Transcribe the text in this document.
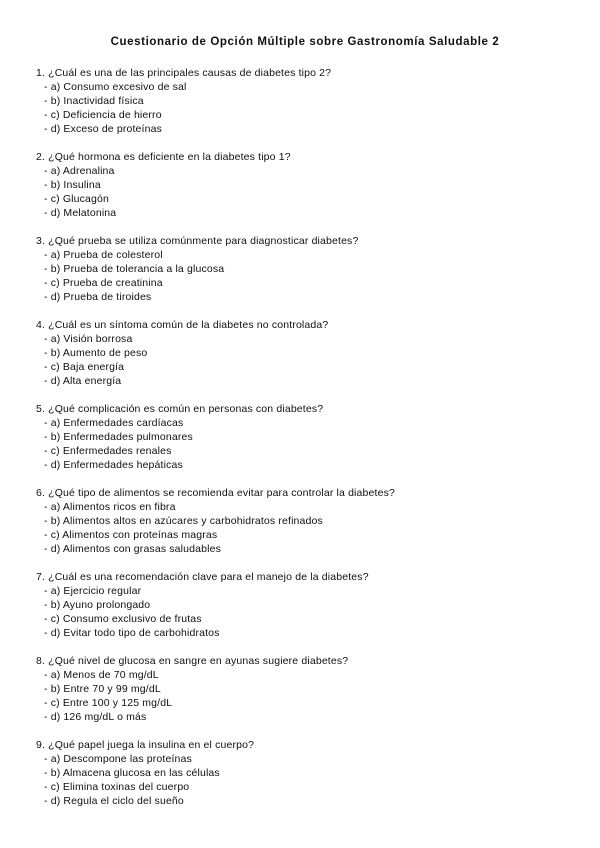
Cuestionario de Opción Múltiple sobre Gastronomía Saludable 2
1. ¿Cuál es una de las principales causas de diabetes tipo 2?
- a) Consumo excesivo de sal
- b) Inactividad física
- c) Deficiencia de hierro
- d) Exceso de proteínas
2. ¿Qué hormona es deficiente en la diabetes tipo 1?
- a) Adrenalina
- b) Insulina
- c) Glucagón
- d) Melatonina
3. ¿Qué prueba se utiliza comúnmente para diagnosticar diabetes?
- a) Prueba de colesterol
- b) Prueba de tolerancia a la glucosa
- c) Prueba de creatinina
- d) Prueba de tiroides
4. ¿Cuál es un síntoma común de la diabetes no controlada?
- a) Visión borrosa
- b) Aumento de peso
- c) Baja energía
- d) Alta energía
5. ¿Qué complicación es común en personas con diabetes?
- a) Enfermedades cardíacas
- b) Enfermedades pulmonares
- c) Enfermedades renales
- d) Enfermedades hepáticas
6. ¿Qué tipo de alimentos se recomienda evitar para controlar la diabetes?
- a) Alimentos ricos en fibra
- b) Alimentos altos en azúcares y carbohidratos refinados
- c) Alimentos con proteínas magras
- d) Alimentos con grasas saludables
7. ¿Cuál es una recomendación clave para el manejo de la diabetes?
- a) Ejercicio regular
- b) Ayuno prolongado
- c) Consumo exclusivo de frutas
- d) Evitar todo tipo de carbohidratos
8. ¿Qué nivel de glucosa en sangre en ayunas sugiere diabetes?
- a) Menos de 70 mg/dL
- b) Entre 70 y 99 mg/dL
- c) Entre 100 y 125 mg/dL
- d) 126 mg/dL o más
9. ¿Qué papel juega la insulina en el cuerpo?
- a) Descompone las proteínas
- b) Almacena glucosa en las células
- c) Elimina toxinas del cuerpo
- d) Regula el ciclo del sueño
